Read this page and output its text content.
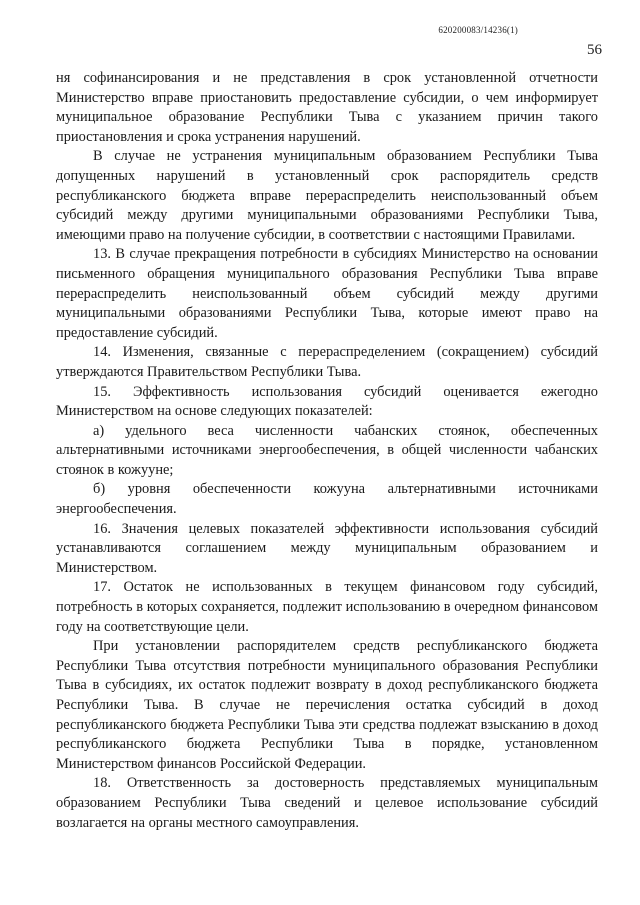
620200083/14236(1)
56

ня софинансирования и не представления в срок установленной отчетности Министерство вправе приостановить предоставление субсидии, о чем информирует муниципальное образование Республики Тыва с указанием причин такого приостановления и срока устранения нарушений.

В случае не устранения муниципальным образованием Республики Тыва допущенных нарушений в установленный срок распорядитель средств республиканского бюджета вправе перераспределить неиспользованный объем субсидий между другими муниципальными образованиями Республики Тыва, имеющими право на получение субсидии, в соответствии с настоящими Правилами.

13. В случае прекращения потребности в субсидиях Министерство на основании письменного обращения муниципального образования Республики Тыва вправе перераспределить неиспользованный объем субсидий между другими муниципальными образованиями Республики Тыва, которые имеют право на предоставление субсидий.

14. Изменения, связанные с перераспределением (сокращением) субсидий утверждаются Правительством Республики Тыва.

15. Эффективность использования субсидий оценивается ежегодно Министерством на основе следующих показателей:

а) удельного веса численности чабанских стоянок, обеспеченных альтернативными источниками энергообеспечения, в общей численности чабанских стоянок в кожууне;

б) уровня обеспеченности кожууна альтернативными источниками энергообеспечения.

16. Значения целевых показателей эффективности использования субсидий устанавливаются соглашением между муниципальным образованием и Министерством.

17. Остаток не использованных в текущем финансовом году субсидий, потребность в которых сохраняется, подлежит использованию в очередном финансовом году на соответствующие цели.

При установлении распорядителем средств республиканского бюджета Республики Тыва отсутствия потребности муниципального образования Республики Тыва в субсидиях, их остаток подлежит возврату в доход республиканского бюджета Республики Тыва. В случае не перечисления остатка субсидий в доход республиканского бюджета Республики Тыва эти средства подлежат взысканию в доход республиканского бюджета Республики Тыва в порядке, установленном Министерством финансов Российской Федерации.

18. Ответственность за достоверность представляемых муниципальным образованием Республики Тыва сведений и целевое использование субсидий возлагается на органы местного самоуправления.
